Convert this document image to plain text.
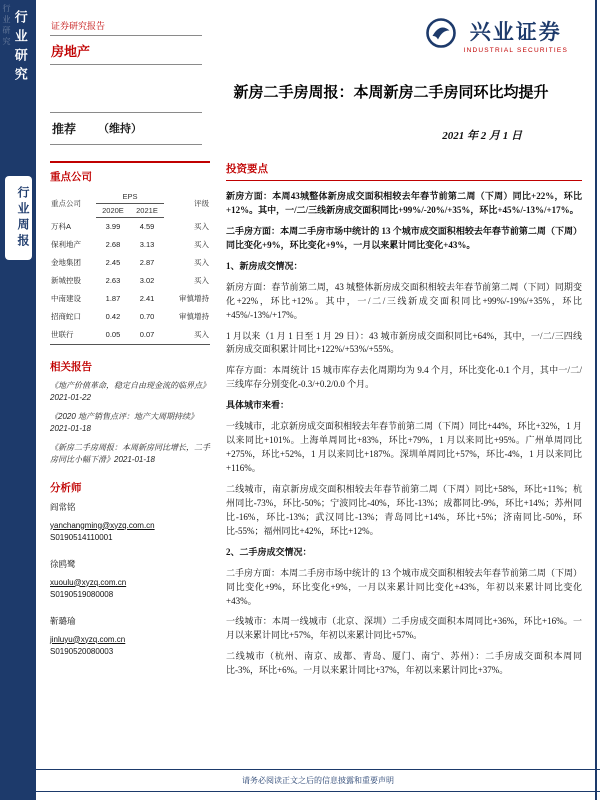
行业研究 行业研究
行业周报
证券研究报告
房地产
兴业证券
INDUSTRIAL SECURITIES
新房二手房周报：本周新房二手房同环比均提升
推荐 （维持）
2021 年 2 月 1 日
重点公司
重点公司	EPS		评级
	2020E	2021E	
万科A	3.99	4.59	买入
保利地产	2.68	3.13	买入
金地集团	2.45	2.87	买入
新城控股	2.63	3.02	买入
中南建设	1.87	2.41	审慎增持
招商蛇口	0.42	0.70	审慎增持
世联行	0.05	0.07	买入
相关报告
《地产价值革命，稳定自由现金流的临界点》2021-01-22
《2020 地产销售点评：地产大周期持续》2021-01-18
《新房二手房周报：本周新房同比增长，二手房同比小幅下滑》2021-01-18
分析师
阎常铭
yanchangming@xyzq.com.cn
S0190514110001
徐鸥鹭
xuoulu@xyzq.com.cn
S0190519080008
靳璐瑜
jinluyu@xyzq.com.cn
S0190520080003
投资要点

新房方面：本周43城整体新房成交面积相较去年春节前第二周（下周）同比+22%，环比+12%。其中，一/二/三线新房成交面积同比+99%/-20%/+35%，环比+45%/-13%/+17%。

二手房方面：本周二手房市场中统计的 13 个城市成交面积相较去年春节前第二周（下周）同比变化+9%，环比变化+9%，一月以来累计同比变化+43%。

1、新房成交情况：

新房方面：春节前第二周，43 城整体新房成交面积相较去年春节前第二周（下同）同期变化+22%，环比+12%。其中，一/二/三线新成交面积同比+99%/-19%/+35%，环比+45%/-13%/+17%。

1 月以来（1 月 1 日至 1 月 29 日）：43 城市新房成交面积同比+64%，其中，一/二/三四线新房成交面积累计同比+122%/+53%/+55%。

库存方面：本周统计 15 城市库存去化周期均为 9.4 个月，环比变化-0.1 个月，其中一/二/三线库存分别变化-0.3/+0.2/0.0 个月。

具体城市来看：

一线城市，北京新房成交面积相较去年春节前第二周（下周）同比+44%，环比+32%，1 月以来同比+101%。上海单周同比+83%，环比+79%，1 月以来同比+95%。广州单周同比+275%，环比+52%，1 月以来同比+187%。深圳单周同比+57%，环比-4%，1 月以来同比+116%。

二线城市，南京新房成交面积相较去年春节前第二周（下周）同比+58%，环比+11%；杭州同比-73%，环比-50%；宁波同比-40%，环比-13%；成都同比-9%，环比+14%；苏州同比-16%，环比-13%；武汉同比-13%；青岛同比+14%，环比+5%；济南同比-50%，环比-55%；福州同比+42%，环比+12%。

2、二手房成交情况：

二手房方面：本周二手房市场中统计的 13 个城市成交面积相较去年春节前第二周（下周）同比变化+9%，环比变化+9%，一月以来累计同比变化+43%，年初以来累计同比变化+43%。

一线城市：本周一线城市（北京、深圳）二手房成交面积本周同比+36%，环比+16%。一月以来累计同比+57%，年初以来累计同比+57%。

二线城市（杭州、南京、成都、青岛、厦门、南宁、苏州）：二手房成交面积本周同比-3%，环比+6%。一月以来累计同比+37%，年初以来累计同比+37%。

请务必阅读正文之后的信息披露和重要声明
